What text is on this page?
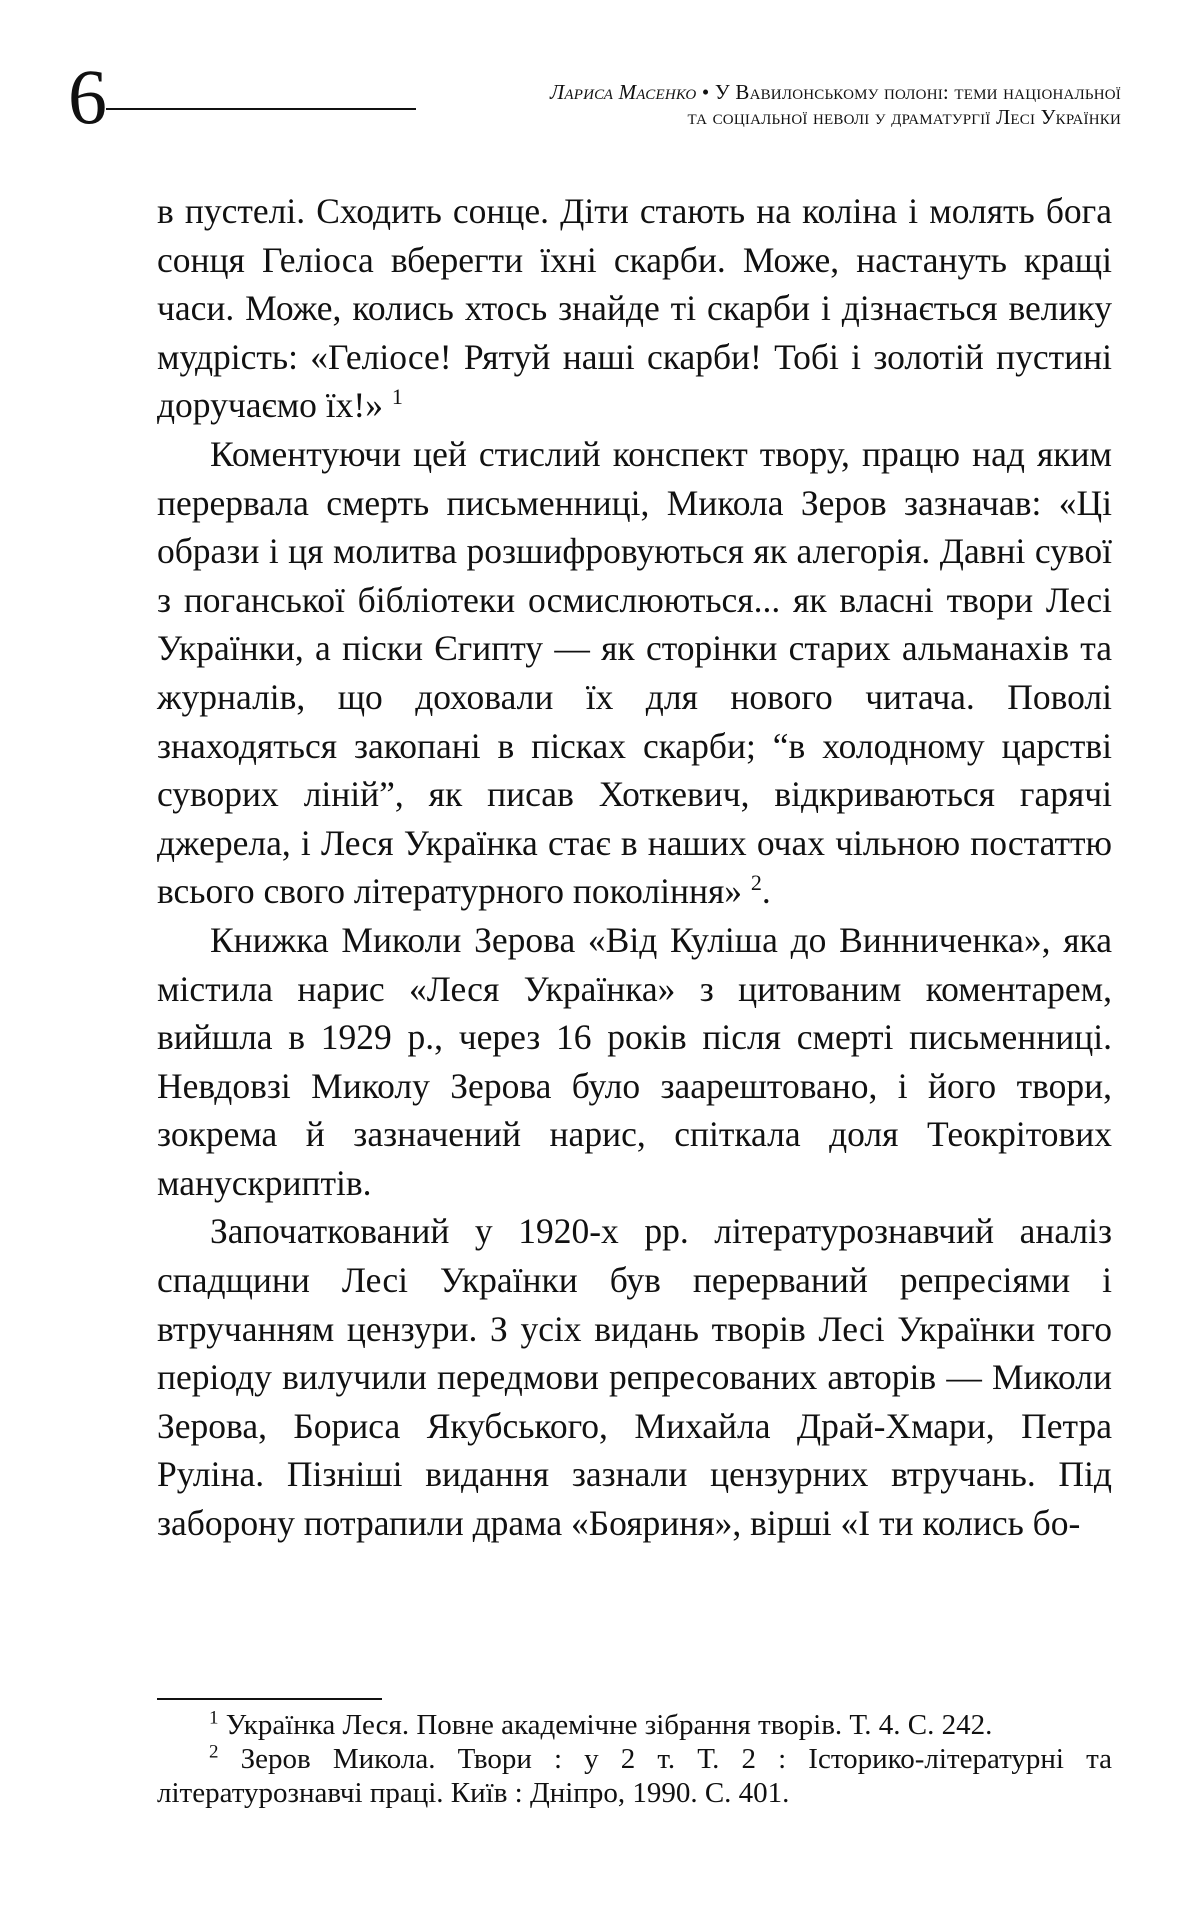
6	Лариса Масенко • У Вавилонському полоні: теми національної
та соціальної неволі у драматургії Лесі Українки

в пустелі. Сходить сонце. Діти стають на коліна і молять бога сонця Геліоса вберегти їхні скарби. Може, настануть кращі часи. Може, колись хтось знайде ті скарби і дізнається велику мудрість: «Геліосе! Рятуй наші скарби! Тобі і золотій пустині доручаємо їх!» $^1$

Коментуючи цей стислий конспект твору, працю над яким перервала смерть письменниці, Микола Зеров зазначав: «Ці образи і ця молитва розшифровуються як алегорія. Давні сувої з поганської бібліотеки осмислюються... як власні твори Лесі Українки, а піски Єгипту — як сторінки старих альманахів та журналів, що доховали їх для нового читача. Поволі знаходяться закопані в пісках скарби; “в холодному царстві суворих ліній”, як писав Хоткевич, відкриваються гарячі джерела, і Леся Українка стає в наших очах чільною постаттю всього свого літературного покоління» $^2$.

Книжка Миколи Зерова «Від Куліша до Винниченка», яка містила нарис «Леся Українка» з цитованим коментарем, вийшла в 1929 р., через 16 років після смерті письменниці. Невдовзі Миколу Зерова було заарештовано, і його твори, зокрема й зазначений нарис, спіткала доля Теокрітових манускриптів.

Започаткований у 1920-х рр. літературознавчий аналіз спадщини Лесі Українки був перерваний репресіями і втручанням цензури. З усіх видань творів Лесі Українки того періоду вилучили передмови репресованих авторів — Миколи Зерова, Бориса Якубського, Михайла Драй-Хмари, Петра Руліна. Пізніші видання зазнали цензурних втручань. Під заборону потрапили драма «Бояриня», вірші «І ти колись бо-

$^1$ Українка Леся. Повне академічне зібрання творів. Т. 4. С. 242.

$^2$ Зеров Микола. Твори : у 2 т. Т. 2 : Історико-літературні та літературознавчі праці. Київ : Дніпро, 1990. С. 401.
